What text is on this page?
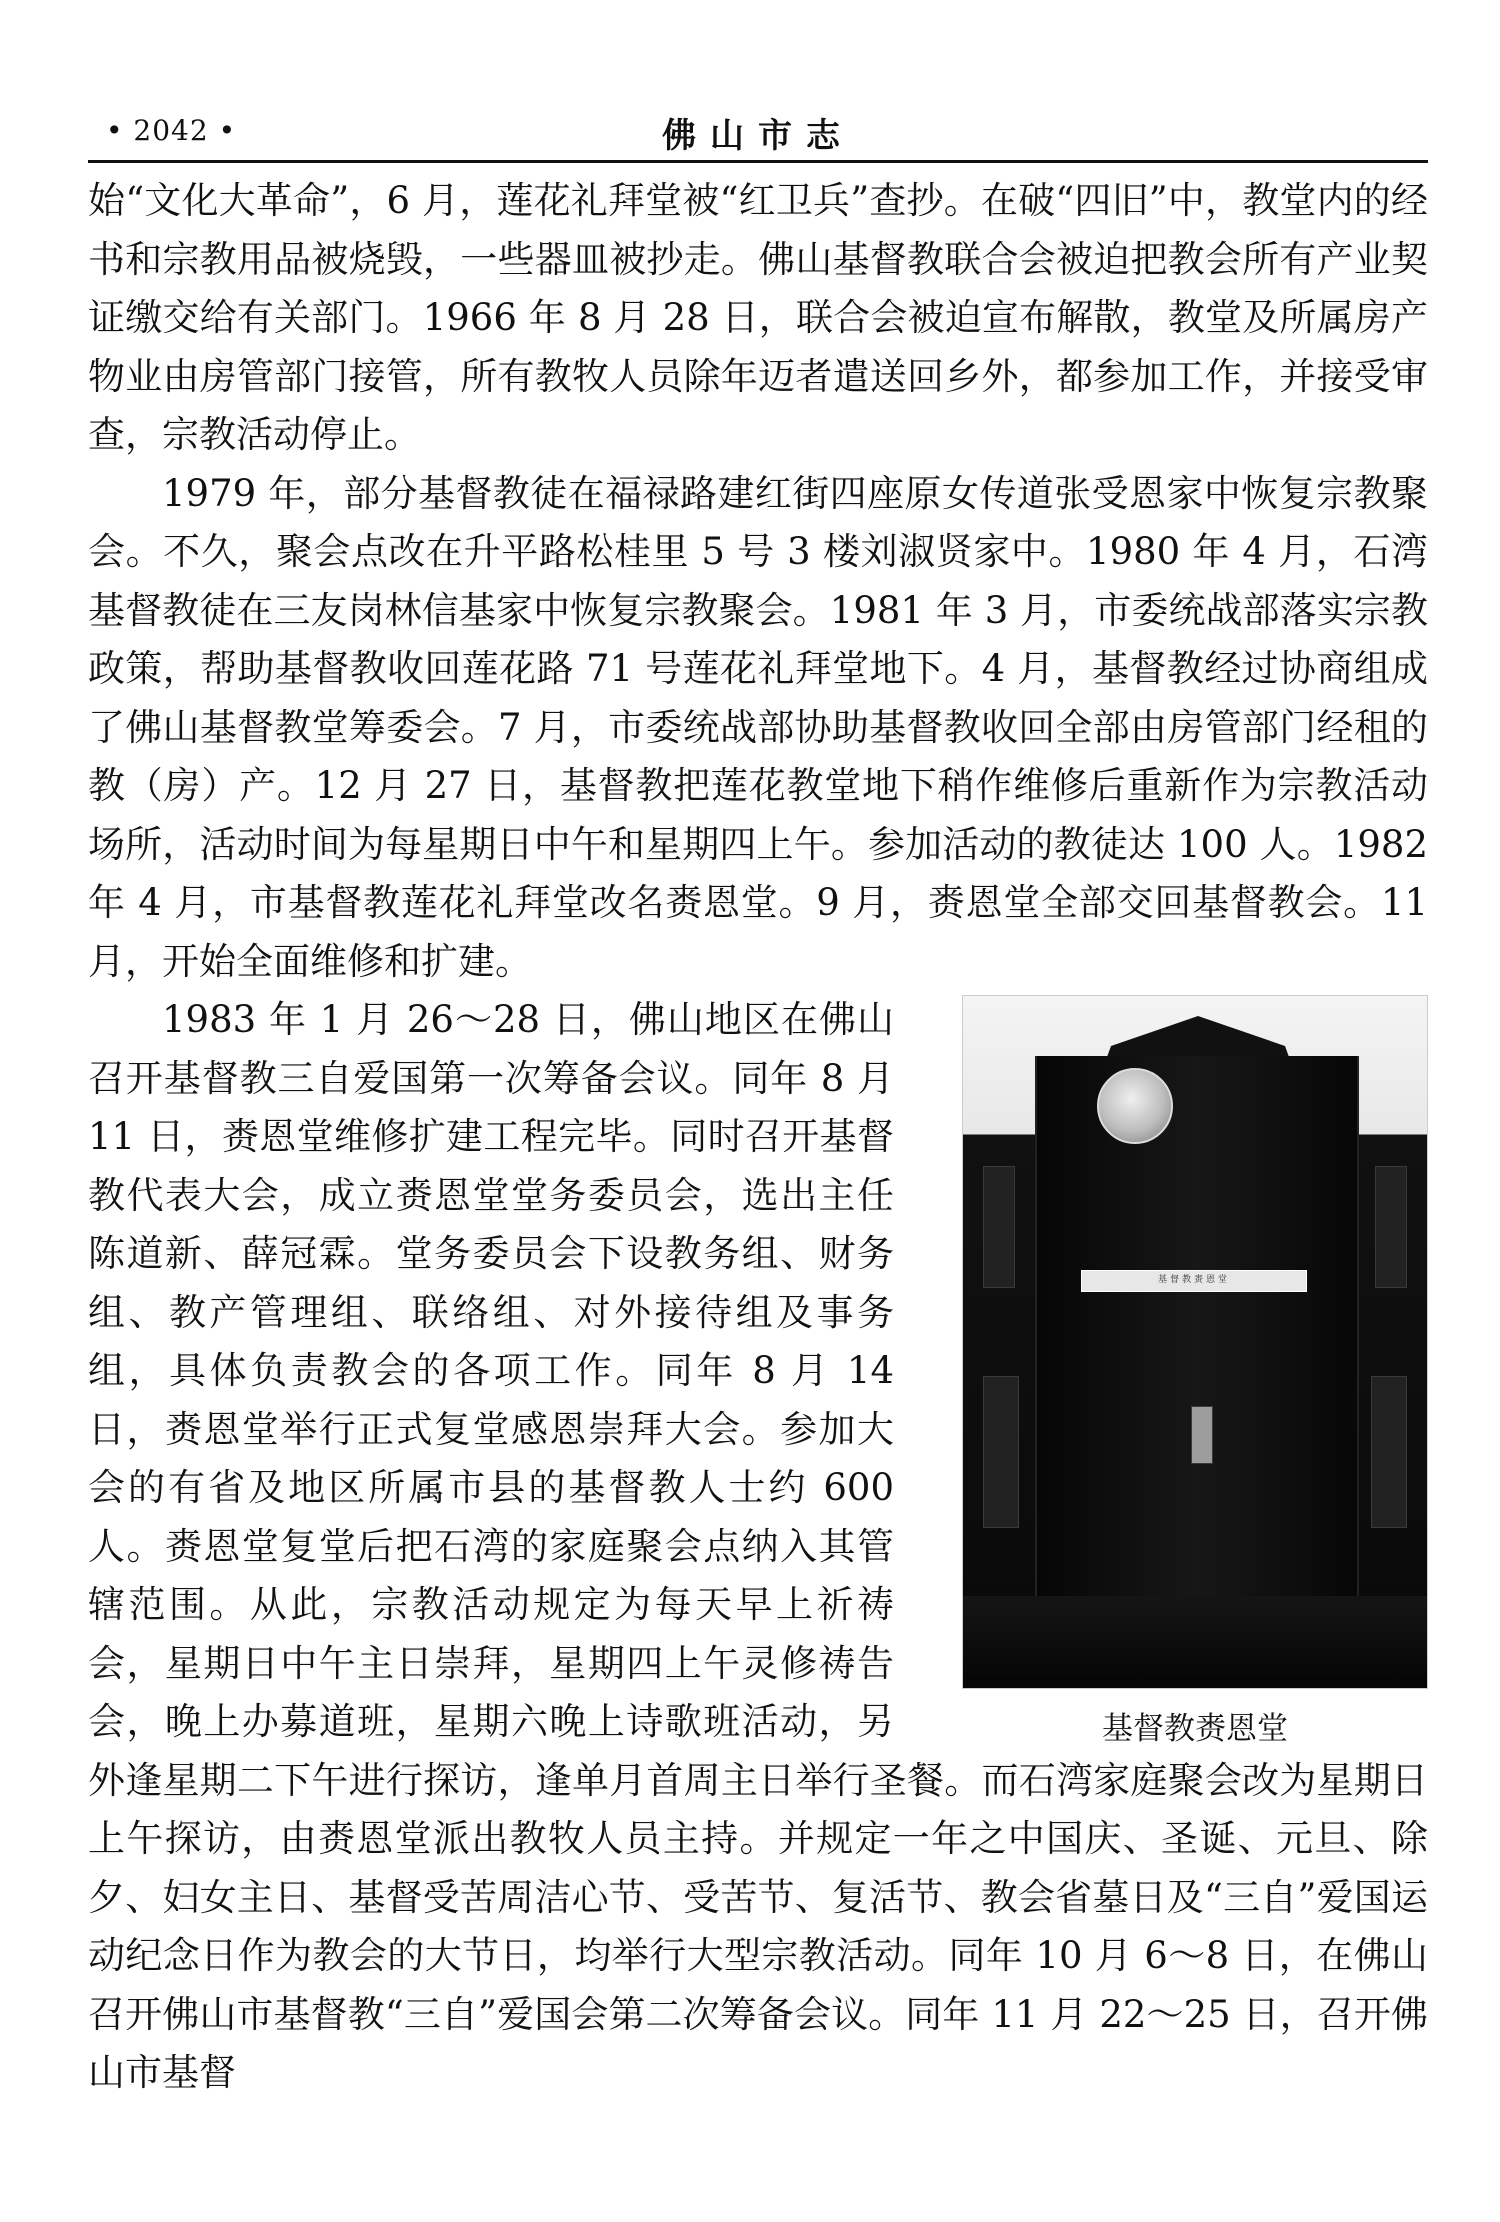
• 2042 •	佛山市志

始“文化大革命”，6 月，莲花礼拜堂被“红卫兵”查抄。在破“四旧”中，教堂内的经书和宗教用品被烧毁，一些器皿被抄走。佛山基督教联合会被迫把教会所有产业契证缴交给有关部门。1966 年 8 月 28 日，联合会被迫宣布解散，教堂及所属房产物业由房管部门接管，所有教牧人员除年迈者遣送回乡外，都参加工作，并接受审查，宗教活动停止。

1979 年，部分基督教徒在福禄路建红街四座原女传道张受恩家中恢复宗教聚会。不久，聚会点改在升平路松桂里 5 号 3 楼刘淑贤家中。1980 年 4 月，石湾基督教徒在三友岗林信基家中恢复宗教聚会。1981 年 3 月，市委统战部落实宗教政策，帮助基督教收回莲花路 71 号莲花礼拜堂地下。4 月，基督教经过协商组成了佛山基督教堂筹委会。7 月，市委统战部协助基督教收回全部由房管部门经租的教（房）产。12 月 27 日，基督教把莲花教堂地下稍作维修后重新作为宗教活动场所，活动时间为每星期日中午和星期四上午。参加活动的教徒达 100 人。1982 年 4 月，市基督教莲花礼拜堂改名赉恩堂。9 月，赉恩堂全部交回基督教会。11 月，开始全面维修和扩建。

基督教赉恩堂
基督教赉恩堂

1983 年 1 月 26～28 日，佛山地区在佛山召开基督教三自爱国第一次筹备会议。同年 8 月 11 日，赉恩堂维修扩建工程完毕。同时召开基督教代表大会，成立赉恩堂堂务委员会，选出主任陈道新、薛冠霖。堂务委员会下设教务组、财务组、教产管理组、联络组、对外接待组及事务组，具体负责教会的各项工作。同年 8 月 14 日，赉恩堂举行正式复堂感恩崇拜大会。参加大会的有省及地区所属市县的基督教人士约 600 人。赉恩堂复堂后把石湾的家庭聚会点纳入其管辖范围。从此，宗教活动规定为每天早上祈祷会，星期日中午主日崇拜，星期四上午灵修祷告会，晚上办募道班，星期六晚上诗歌班活动，另外逢星期二下午进行探访，逢单月首周主日举行圣餐。而石湾家庭聚会改为星期日上午探访，由赉恩堂派出教牧人员主持。并规定一年之中国庆、圣诞、元旦、除夕、妇女主日、基督受苦周洁心节、受苦节、复活节、教会省墓日及“三自”爱国运动纪念日作为教会的大节日，均举行大型宗教活动。同年 10 月 6～8 日，在佛山召开佛山市基督教“三自”爱国会第二次筹备会议。同年 11 月 22～25 日，召开佛山市基督
